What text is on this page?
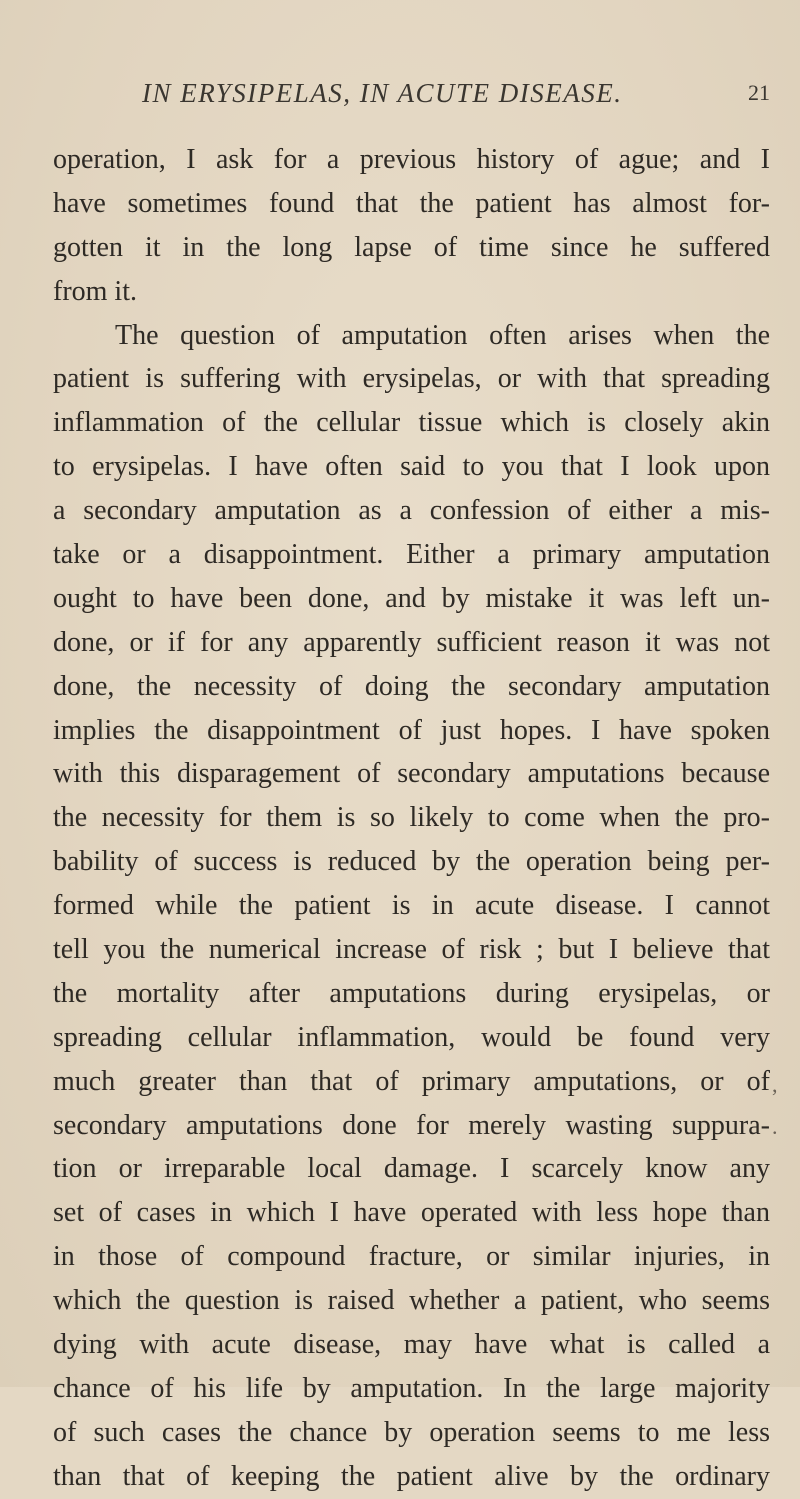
IN ERYSIPELAS, IN ACUTE DISEASE.	21
operation, I ask for a previous history of ague; and I
have sometimes found that the patient has almost for-
gotten it in the long lapse of time since he suffered
from it.
The question of amputation often arises when the
patient is suffering with erysipelas, or with that spreading
inflammation of the cellular tissue which is closely akin
to erysipelas. I have often said to you that I look upon
a secondary amputation as a confession of either a mis-
take or a disappointment. Either a primary amputation
ought to have been done, and by mistake it was left un-
done, or if for any apparently sufficient reason it was not
done, the necessity of doing the secondary amputation
implies the disappointment of just hopes. I have spoken
with this disparagement of secondary amputations because
the necessity for them is so likely to come when the pro-
bability of success is reduced by the operation being per-
formed while the patient is in acute disease. I cannot
tell you the numerical increase of risk ; but I believe that
the mortality after amputations during erysipelas, or
spreading cellular inflammation, would be found very
much greater than that of primary amputations, or of
secondary amputations done for merely wasting suppura-
tion or irreparable local damage. I scarcely know any
set of cases in which I have operated with less hope than
in those of compound fracture, or similar injuries, in
which the question is raised whether a patient, who seems
dying with acute disease, may have what is called a
chance of his life by amputation. In the large majority
of such cases the chance by operation seems to me less
than that of keeping the patient alive by the ordinary
,
.
